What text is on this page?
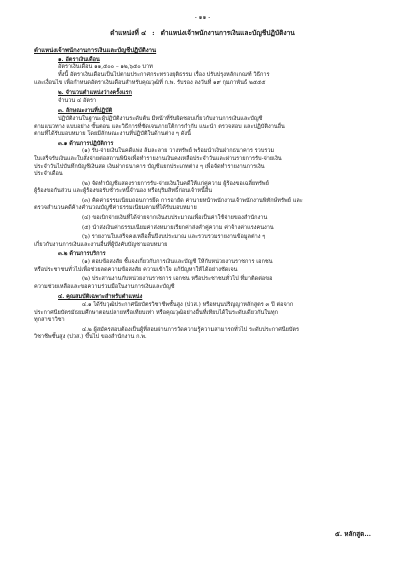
- ๑๑ -
ตำแหน่งที่ ๔ : ตำแหน่งเจ้าพนักงานการเงินและบัญชีปฏิบัติงาน

ตำแหน่งเจ้าพนักงานการเงินและบัญชีปฏิบัติงาน

๑. อัตราเงินเดือน

อัตราเงินเดือน ๑๑,๕๐๐ – ๑๒,๖๕๐ บาท

ทั้งนี้ อัตราเงินเดือนเป็นไปตามประกาศกระทรวงยุติธรรม เรื่อง ปรับปรุงหลักเกณฑ์ วิธีการ

และเงื่อนไข เพื่อกำหนดอัตราเงินเดือนสำหรับคุณวุฒิที่ ก.พ. รับรอง ลงวันที่ ๑๙ กุมภาพันธ์ ๒๕๕๕

๒. จำนวนตำแหน่งว่างครั้งแรก

จำนวน ๔ อัตรา

๓. ลักษณะงานที่ปฏิบัติ

ปฏิบัติงานในฐานะผู้ปฏิบัติงานระดับต้น มีหน้าที่รับผิดชอบเกี่ยวกับงานการเงินและบัญชี

ตามแนวทาง แบบอย่าง ขั้นตอน และวิธีการที่ชัดเจนภายใต้การกำกับ แนะนำ ตรวจสอบ และปฏิบัติงานอื่น

ตามที่ได้รับมอบหมาย โดยมีลักษณะงานที่ปฏิบัติในด้านต่าง ๆ ดังนี้

๓.๑ ด้านการปฏิบัติการ

(๑) รับ-จ่ายเงินในคดีแพ่ง ล้มละลาย วางทรัพย์ พร้อมนำเงินฝากธนาคาร รวบรวม

ใบเสร็จรับเงินและใบสั่งจ่ายต่อสถานพินิจเพื่อทำรายงานเงินคงเหลือประจำวันและผ่านรายการรับ-จ่ายเงิน

ประจำวันไปบันทึกบัญชีเงินสด เงินฝากธนาคาร บัญชีแยกประเภทต่าง ๆ เพื่อจัดทำรายงานการเงิน

ประจำเดือน

(๒) จัดทำบัญชีแสดงรายการรับ-จ่ายเงินในคดีให้แก่คู่ความ ผู้ร้องขอเฉลี่ยทรัพย์

ผู้ร้องขอกันส่วน และผู้ร้องขอรับชำระหนี้จำนอง หรือบุริมสิทธิ์ก่อนเจ้าหนี้อื่น

(๓) คิดค่าธรรมเนียมถอนการยึด การอายัด ค่านายหน้าพนักงานเจ้าพนักงานพิทักษ์ทรัพย์ และ

ตรวจสำนวนคดีค้างคำนวณบัญชีค่าธรรมเนียมตามที่ได้รับมอบหมาย

(๔) ขอเบิกจ่ายเงินที่ได้จ่ายจากเงินงบประมาณเพื่อเป็นค่าใช้จ่ายของสำนักงาน

(๕) นำส่งเงินค่าธรรมเนียมค่าส่งหมายเรียกค่าส่งคำคู่ความ ค่าจ้างค่าแรงคนงาน

(๖) รายงานใบเสร็จคงเหลือสิ้นปีงบประมาณ และรวบรวมรายงานข้อมูลต่าง ๆ

เกี่ยวกับงานการเงินและงานอื่นที่ผู้บังคับบัญชามอบหมาย

๓.๒ ด้านการบริการ

(๑) ตอบข้อสงสัย ชี้แจงเกี่ยวกับการเงินและบัญชี ให้กับหน่วยงานราชการ เอกชน

หรือประชาชนทั่วไปเพื่อช่วยลดความข้อสงสัย ความเข้าใจ แก้ปัญหาให้ได้อย่างชัดเจน

(๒) ประสานงานกับหน่วยงานราชการ เอกชน หรือประชาชนทั่วไป ที่มาติดต่อขอ

ความช่วยเหลือและขอความร่วมมือในงานการเงินและบัญชี

๔. คุณสมบัติเฉพาะสำหรับตำแหน่ง

๔.๑ ได้รับวุฒิประกาศนียบัตรวิชาชีพชั้นสูง (ปวส.) หรือหนุนปริญญาหลักสูตร ๓ ปี ต่อจาก

ประกาศนียบัตรมัธยมศึกษาตอนปลายหรือเทียบเท่า หรือคุณวุฒิอย่างอื่นที่เทียบได้ในระดับเดียวกันในทุก

ทุกสาขาวิชา

๔.๒ ผู้สมัครสอบต้องเป็นผู้ที่สอบผ่านการวัดความรู้ความสามารถทั่วไป ระดับประกาศนียบัตร

วิชาชีพชั้นสูง (ปวส.) ขึ้นไป ของสำนักงาน ก.พ.

๕. หลักสูต...
